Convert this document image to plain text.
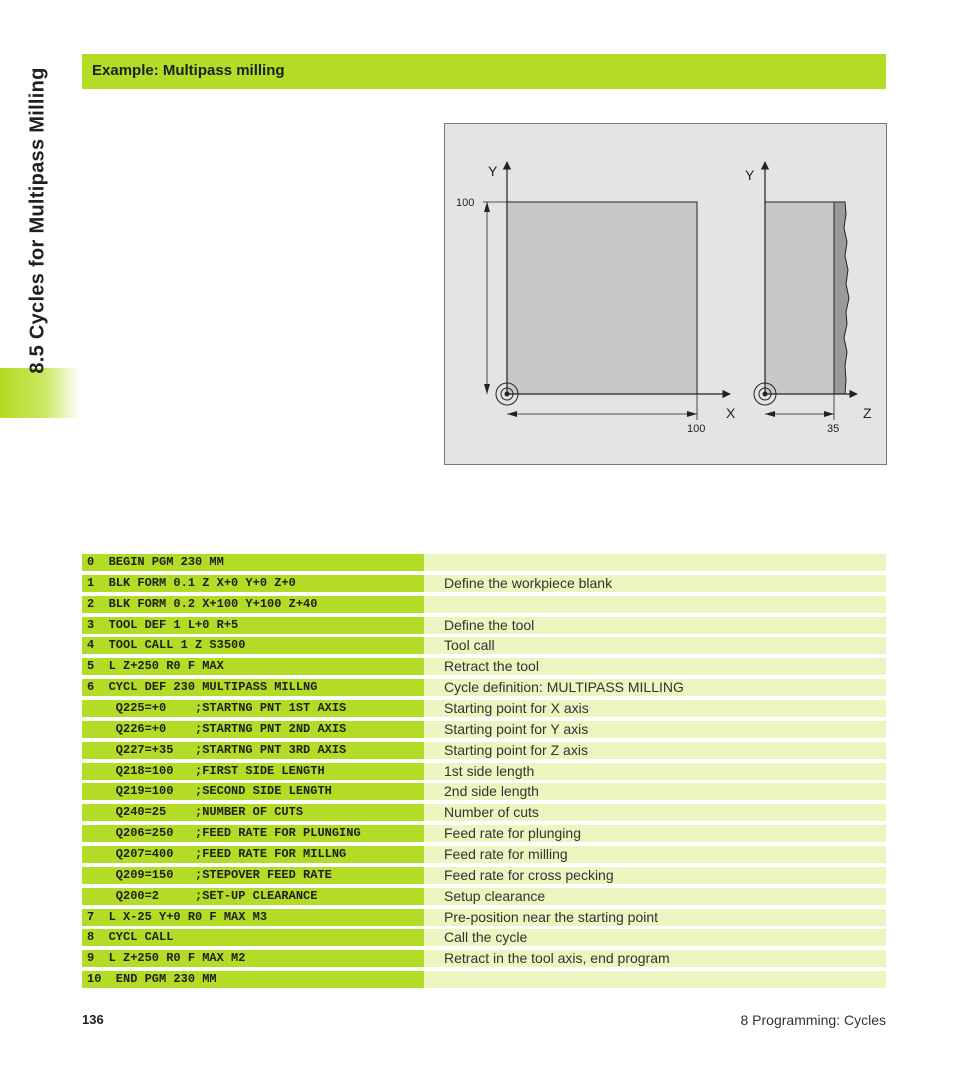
8.5 Cycles for Multipass Milling	Example: Multipass milling
Y
X
100
100
Y
Z
35
0  BEGIN PGM 230 MM
1  BLK FORM 0.1 Z X+0 Y+0 Z+0	Define the workpiece blank
2  BLK FORM 0.2 X+100 Y+100 Z+40
3  TOOL DEF 1 L+0 R+5	Define the tool
4  TOOL CALL 1 Z S3500	Tool call
5  L Z+250 R0 F MAX	Retract the tool
6  CYCL DEF 230 MULTIPASS MILLNG	Cycle definition: MULTIPASS MILLING
Q225=+0    ;STARTNG PNT 1ST AXIS	Starting point for X axis
Q226=+0    ;STARTNG PNT 2ND AXIS	Starting point for Y axis
Q227=+35   ;STARTNG PNT 3RD AXIS	Starting point for Z axis
Q218=100   ;FIRST SIDE LENGTH	1st side length
Q219=100   ;SECOND SIDE LENGTH	2nd side length
Q240=25    ;NUMBER OF CUTS	Number of cuts
Q206=250   ;FEED RATE FOR PLUNGING	Feed rate for plunging
Q207=400   ;FEED RATE FOR MILLNG	Feed rate for milling
Q209=150   ;STEPOVER FEED RATE	Feed rate for cross pecking
Q200=2     ;SET-UP CLEARANCE	Setup clearance
7  L X-25 Y+0 R0 F MAX M3	Pre-position near the starting point
8  CYCL CALL	Call the cycle
9  L Z+250 R0 F MAX M2	Retract in the tool axis, end program
10  END PGM 230 MM
136	8 Programming: Cycles
